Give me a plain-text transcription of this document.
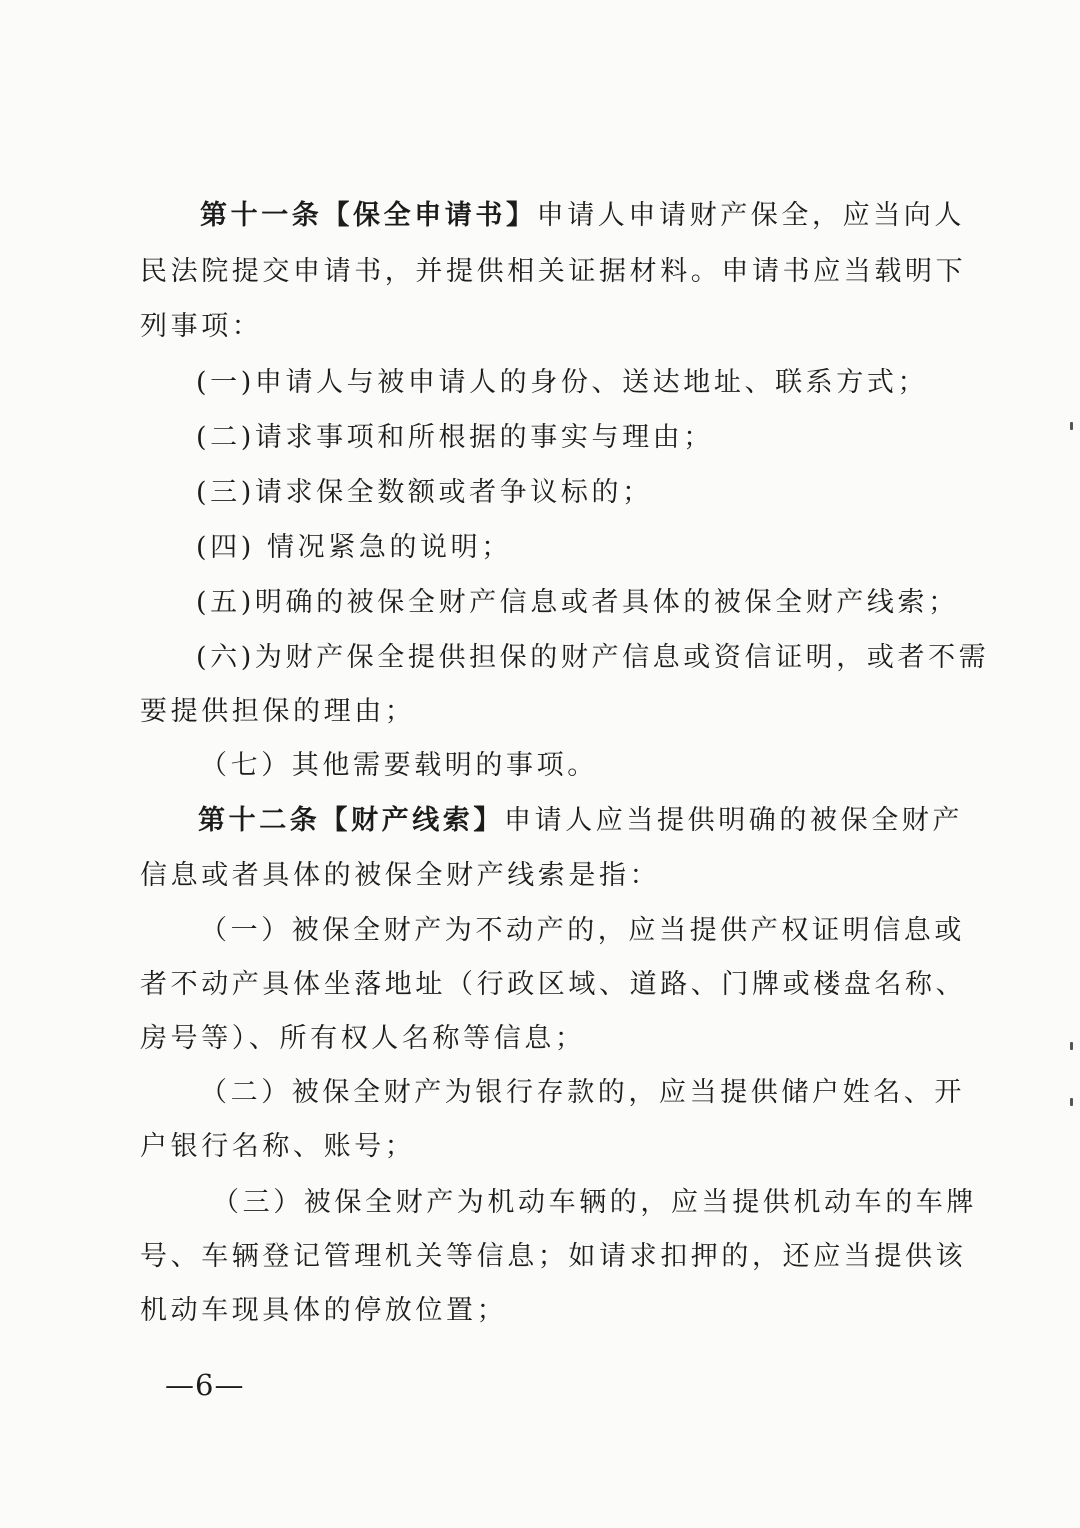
第十一条【保全申请书】申请人申请财产保全，应当向人
民法院提交申请书，并提供相关证据材料。申请书应当载明下
列事项：
(一)申请人与被申请人的身份、送达地址、联系方式；
(二)请求事项和所根据的事实与理由；
(三)请求保全数额或者争议标的；
(四) 情况紧急的说明；
(五)明确的被保全财产信息或者具体的被保全财产线索；
(六)为财产保全提供担保的财产信息或资信证明，或者不需
要提供担保的理由；
（七）其他需要载明的事项。
第十二条【财产线索】申请人应当提供明确的被保全财产
信息或者具体的被保全财产线索是指：
（一）被保全财产为不动产的，应当提供产权证明信息或
者不动产具体坐落地址（行政区域、道路、门牌或楼盘名称、
房号等）、所有权人名称等信息；
（二）被保全财产为银行存款的，应当提供储户姓名、开
户银行名称、账号；
（三）被保全财产为机动车辆的，应当提供机动车的车牌
号、车辆登记管理机关等信息；如请求扣押的，还应当提供该
机动车现具体的停放位置；
—6—
